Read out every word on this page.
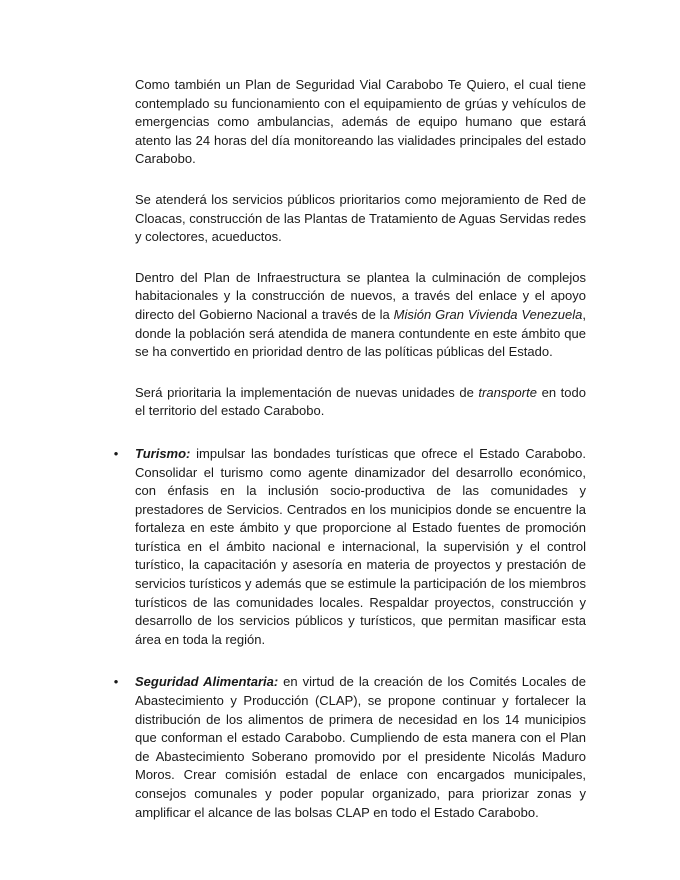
Como también un Plan de Seguridad Vial Carabobo Te Quiero, el cual tiene contemplado su funcionamiento con el equipamiento de grúas y vehículos de emergencias como ambulancias, además de equipo humano que estará atento las 24 horas del día monitoreando las vialidades principales del estado Carabobo.

Se atenderá los servicios públicos prioritarios como mejoramiento de Red de Cloacas, construcción de las Plantas de Tratamiento de Aguas Servidas redes y colectores, acueductos.

Dentro del Plan de Infraestructura se plantea la culminación de complejos habitacionales y la construcción de nuevos, a través del enlace y el apoyo directo del Gobierno Nacional a través de la Misión Gran Vivienda Venezuela, donde la población será atendida de manera contundente en este ámbito que se ha convertido en prioridad dentro de las políticas públicas del Estado.

Será prioritaria la implementación de nuevas unidades de transporte en todo el territorio del estado Carabobo.

• Turismo: impulsar las bondades turísticas que ofrece el Estado Carabobo. Consolidar el turismo como agente dinamizador del desarrollo económico, con énfasis en la inclusión socio-productiva de las comunidades y prestadores de Servicios. Centrados en los municipios donde se encuentre la fortaleza en este ámbito y que proporcione al Estado fuentes de promoción turística en el ámbito nacional e internacional, la supervisión y el control turístico, la capacitación y asesoría en materia de proyectos y prestación de servicios turísticos y además que se estimule la participación de los miembros turísticos de las comunidades locales. Respaldar proyectos, construcción y desarrollo de los servicios públicos y turísticos, que permitan masificar esta área en toda la región.

• Seguridad Alimentaria: en virtud de la creación de los Comités Locales de Abastecimiento y Producción (CLAP), se propone continuar y fortalecer la distribución de los alimentos de primera de necesidad en los 14 municipios que conforman el estado Carabobo. Cumpliendo de esta manera con el Plan de Abastecimiento Soberano promovido por el presidente Nicolás Maduro Moros. Crear comisión estadal de enlace con encargados municipales, consejos comunales y poder popular organizado, para priorizar zonas y amplificar el alcance de las bolsas CLAP en todo el Estado Carabobo.
